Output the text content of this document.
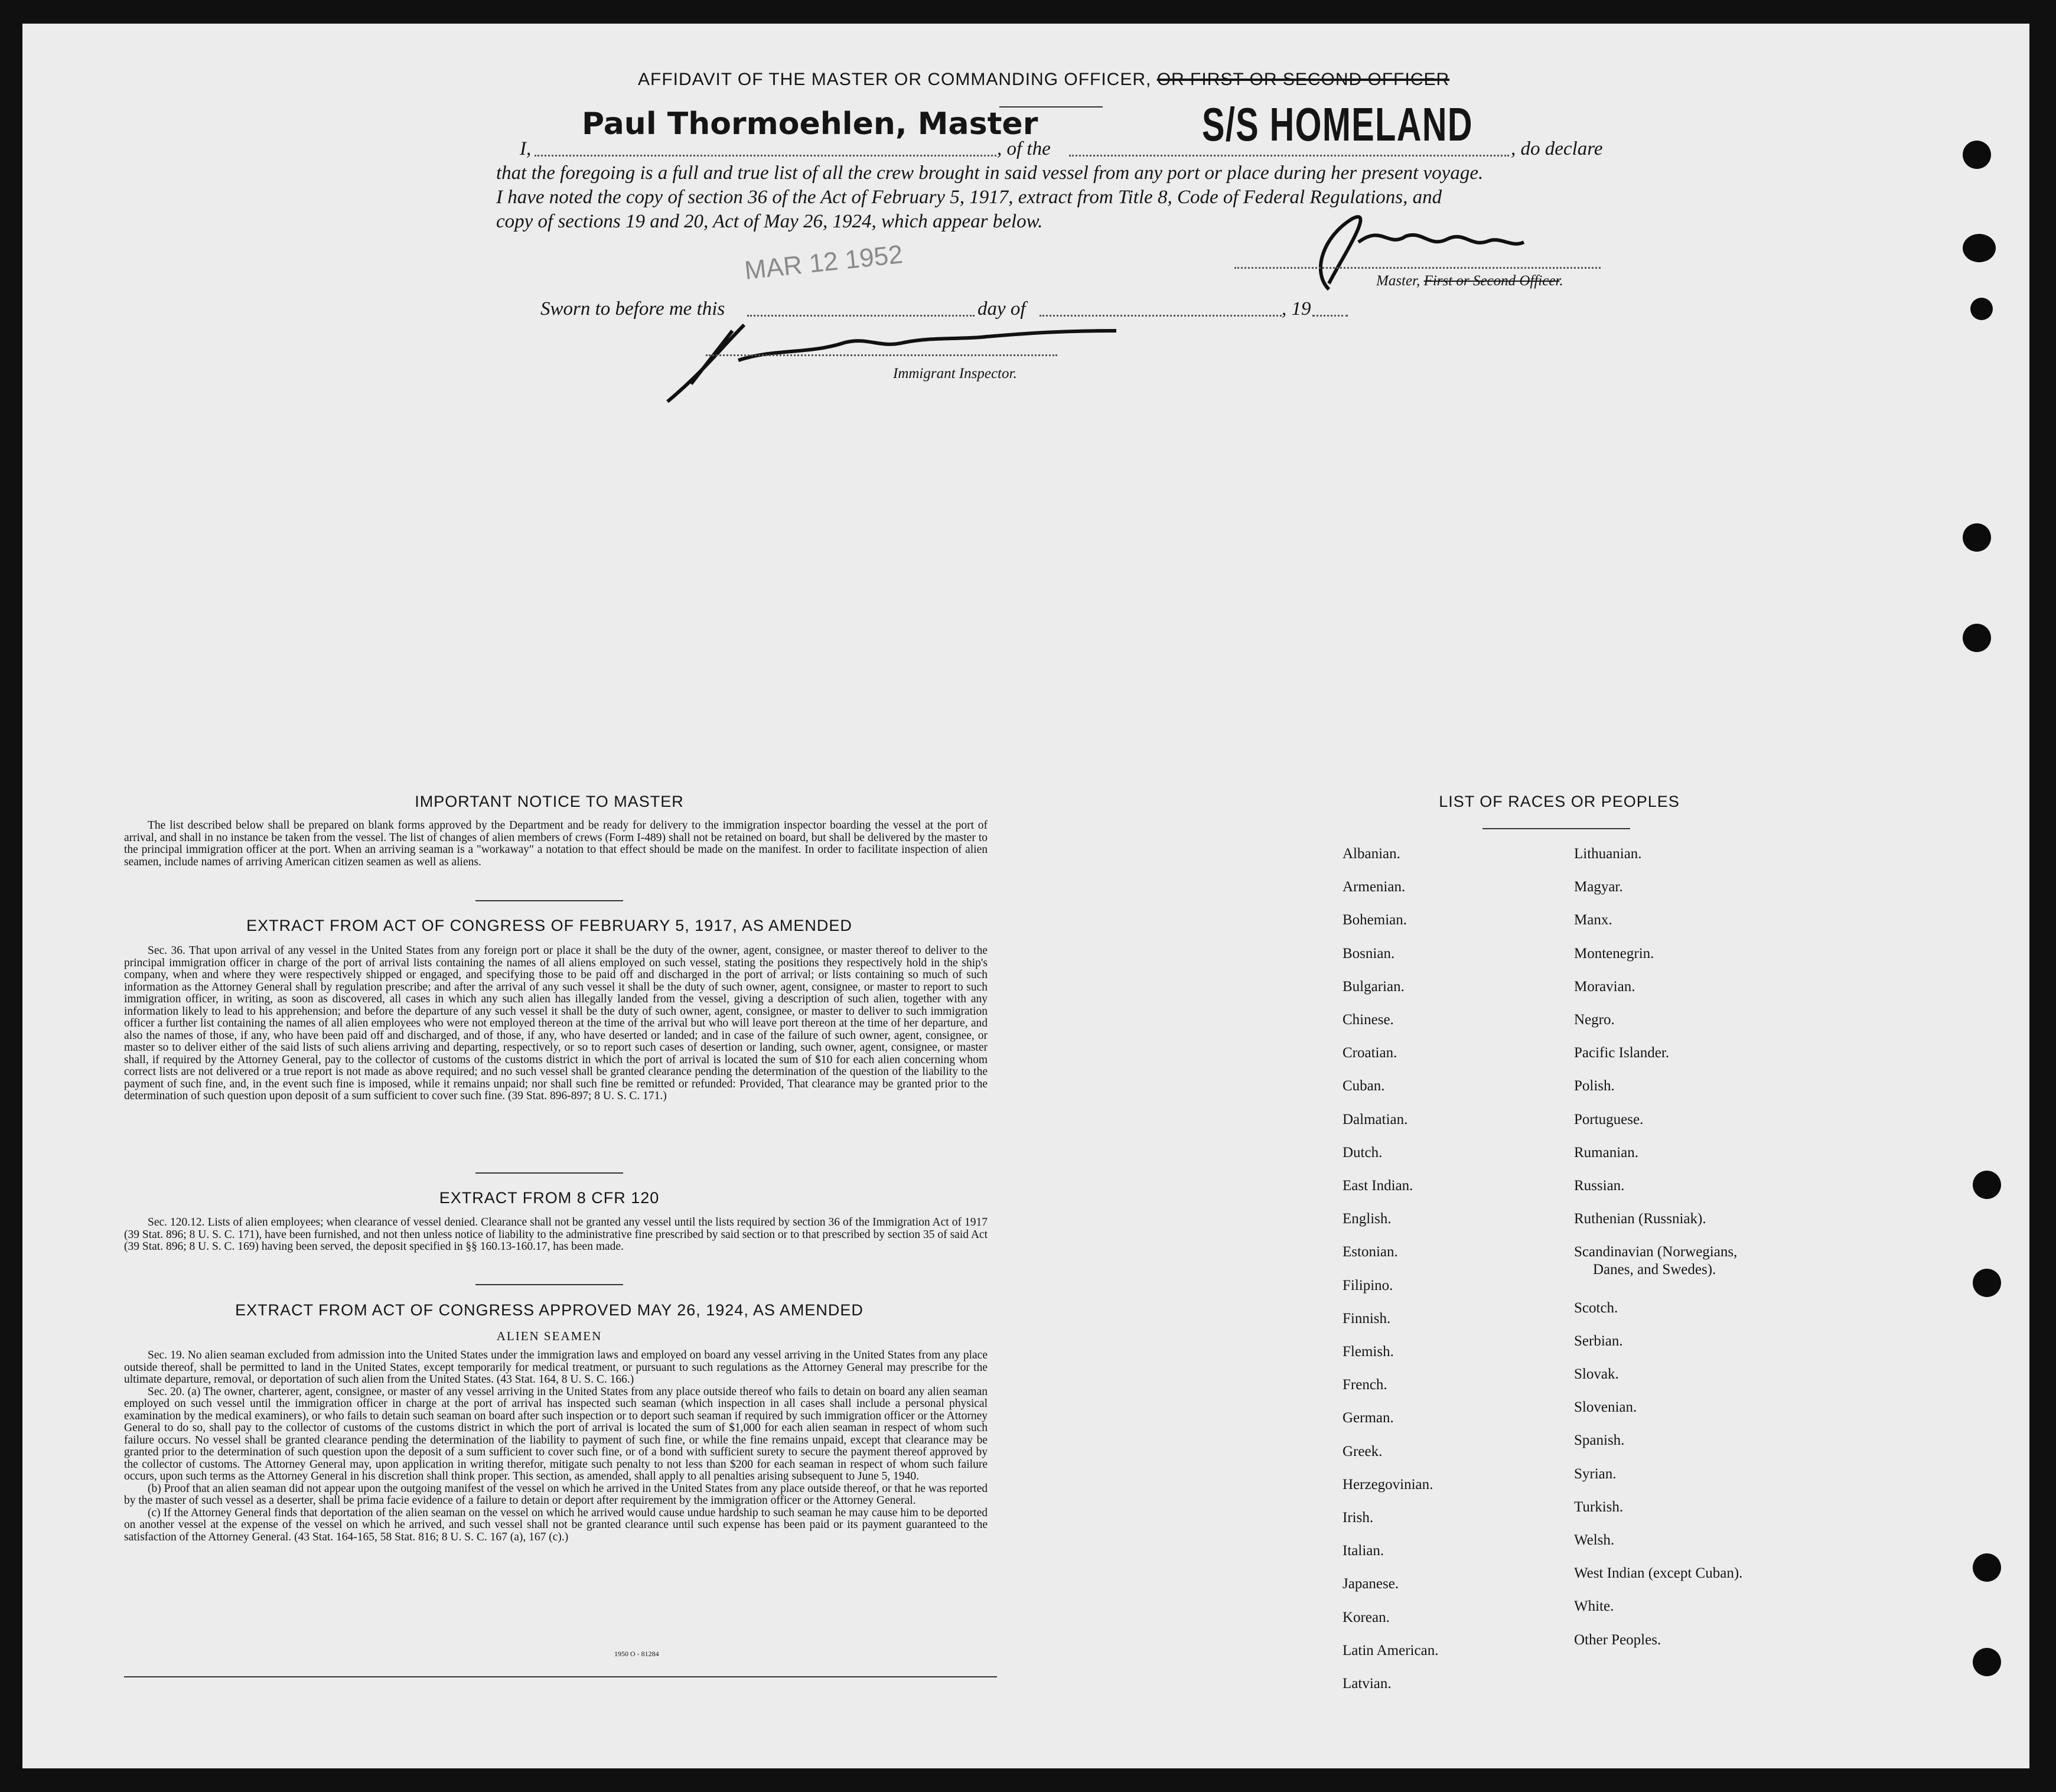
AFFIDAVIT OF THE MASTER OR COMMANDING OFFICER, OR FIRST OR SECOND OFFICER
I,
Paul Thormoehlen, Master
, of the	S/S HOMELAND , do declare
that the foregoing is a full and true list of all the crew brought in said vessel from any port or place during her present voyage.
I have noted the copy of section 36 of the Act of February 5, 1917, extract from Title 8, Code of Federal Regulations, and
copy of sections 19 and 20, Act of May 26, 1924, which appear below.
Master, First or Second Officer.
Sworn to before me this
MAR 12 1952
day of	, 19
Immigrant Inspector.
IMPORTANT NOTICE TO MASTER

The list described below shall be prepared on blank forms approved by the Department and be ready for delivery to the immigration inspector boarding the vessel at the port of arrival, and shall in no instance be taken from the vessel. The list of changes of alien members of crews (Form I-489) shall not be retained on board, but shall be delivered by the master to the principal immigration officer at the port. When an arriving seaman is a "workaway" a notation to that effect should be made on the manifest. In order to facilitate inspection of alien seamen, include names of arriving American citizen seamen as well as aliens.

EXTRACT FROM ACT OF CONGRESS OF FEBRUARY 5, 1917, AS AMENDED

Sec. 36. That upon arrival of any vessel in the United States from any foreign port or place it shall be the duty of the owner, agent, consignee, or master thereof to deliver to the principal immigration officer in charge of the port of arrival lists containing the names of all aliens employed on such vessel, stating the positions they respectively hold in the ship's company, when and where they were respectively shipped or engaged, and specifying those to be paid off and discharged in the port of arrival; or lists containing so much of such information as the Attorney General shall by regulation prescribe; and after the arrival of any such vessel it shall be the duty of such owner, agent, consignee, or master to report to such immigration officer, in writing, as soon as discovered, all cases in which any such alien has illegally landed from the vessel, giving a description of such alien, together with any information likely to lead to his apprehension; and before the departure of any such vessel it shall be the duty of such owner, agent, consignee, or master to deliver to such immigration officer a further list containing the names of all alien employees who were not employed thereon at the time of the arrival but who will leave port thereon at the time of her departure, and also the names of those, if any, who have been paid off and discharged, and of those, if any, who have deserted or landed; and in case of the failure of such owner, agent, consignee, or master so to deliver either of the said lists of such aliens arriving and departing, respectively, or so to report such cases of desertion or landing, such owner, agent, consignee, or master shall, if required by the Attorney General, pay to the collector of customs of the customs district in which the port of arrival is located the sum of $10 for each alien concerning whom correct lists are not delivered or a true report is not made as above required; and no such vessel shall be granted clearance pending the determination of the question of the liability to the payment of such fine, and, in the event such fine is imposed, while it remains unpaid; nor shall such fine be remitted or refunded: Provided, That clearance may be granted prior to the determination of such question upon deposit of a sum sufficient to cover such fine. (39 Stat. 896-897; 8 U. S. C. 171.)

EXTRACT FROM 8 CFR 120

Sec. 120.12. Lists of alien employees; when clearance of vessel denied. Clearance shall not be granted any vessel until the lists required by section 36 of the Immigration Act of 1917 (39 Stat. 896; 8 U. S. C. 171), have been furnished, and not then unless notice of liability to the administrative fine prescribed by said section or to that prescribed by section 35 of said Act (39 Stat. 896; 8 U. S. C. 169) having been served, the deposit specified in §§ 160.13-160.17, has been made.

EXTRACT FROM ACT OF CONGRESS APPROVED MAY 26, 1924, AS AMENDED
ALIEN SEAMEN

Sec. 19. No alien seaman excluded from admission into the United States under the immigration laws and employed on board any vessel arriving in the United States from any place outside thereof, shall be permitted to land in the United States, except temporarily for medical treatment, or pursuant to such regulations as the Attorney General may prescribe for the ultimate departure, removal, or deportation of such alien from the United States. (43 Stat. 164, 8 U. S. C. 166.)

Sec. 20. (a) The owner, charterer, agent, consignee, or master of any vessel arriving in the United States from any place outside thereof who fails to detain on board any alien seaman employed on such vessel until the immigration officer in charge at the port of arrival has inspected such seaman (which inspection in all cases shall include a personal physical examination by the medical examiners), or who fails to detain such seaman on board after such inspection or to deport such seaman if required by such immigration officer or the Attorney General to do so, shall pay to the collector of customs of the customs district in which the port of arrival is located the sum of $1,000 for each alien seaman in respect of whom such failure occurs. No vessel shall be granted clearance pending the determination of the liability to payment of such fine, or while the fine remains unpaid, except that clearance may be granted prior to the determination of such question upon the deposit of a sum sufficient to cover such fine, or of a bond with sufficient surety to secure the payment thereof approved by the collector of customs. The Attorney General may, upon application in writing therefor, mitigate such penalty to not less than $200 for each seaman in respect of whom such failure occurs, upon such terms as the Attorney General in his discretion shall think proper. This section, as amended, shall apply to all penalties arising subsequent to June 5, 1940.

(b) Proof that an alien seaman did not appear upon the outgoing manifest of the vessel on which he arrived in the United States from any place outside thereof, or that he was reported by the master of such vessel as a deserter, shall be prima facie evidence of a failure to detain or deport after requirement by the immigration officer or the Attorney General.

(c) If the Attorney General finds that deportation of the alien seaman on the vessel on which he arrived would cause undue hardship to such seaman he may cause him to be deported on another vessel at the expense of the vessel on which he arrived, and such vessel shall not be granted clearance until such expense has been paid or its payment guaranteed to the satisfaction of the Attorney General. (43 Stat. 164-165, 58 Stat. 816; 8 U. S. C. 167 (a), 167 (c).)

1950 O - 81284
LIST OF RACES OR PEOPLES
Albanian.
Armenian.
Bohemian.
Bosnian.
Bulgarian.
Chinese.
Croatian.
Cuban.
Dalmatian.
Dutch.
East Indian.
English.
Estonian.
Filipino.
Finnish.
Flemish.
French.
German.
Greek.
Herzegovinian.
Irish.
Italian.
Japanese.
Korean.
Latin American.
Latvian.
Lithuanian.
Magyar.
Manx.
Montenegrin.
Moravian.
Negro.
Pacific Islander.
Polish.
Portuguese.
Rumanian.
Russian.
Ruthenian (Russniak).
Scandinavian (Norwegians,
Danes, and Swedes).
Scotch.
Serbian.
Slovak.
Slovenian.
Spanish.
Syrian.
Turkish.
Welsh.
West Indian (except Cuban).
White.
Other Peoples.
